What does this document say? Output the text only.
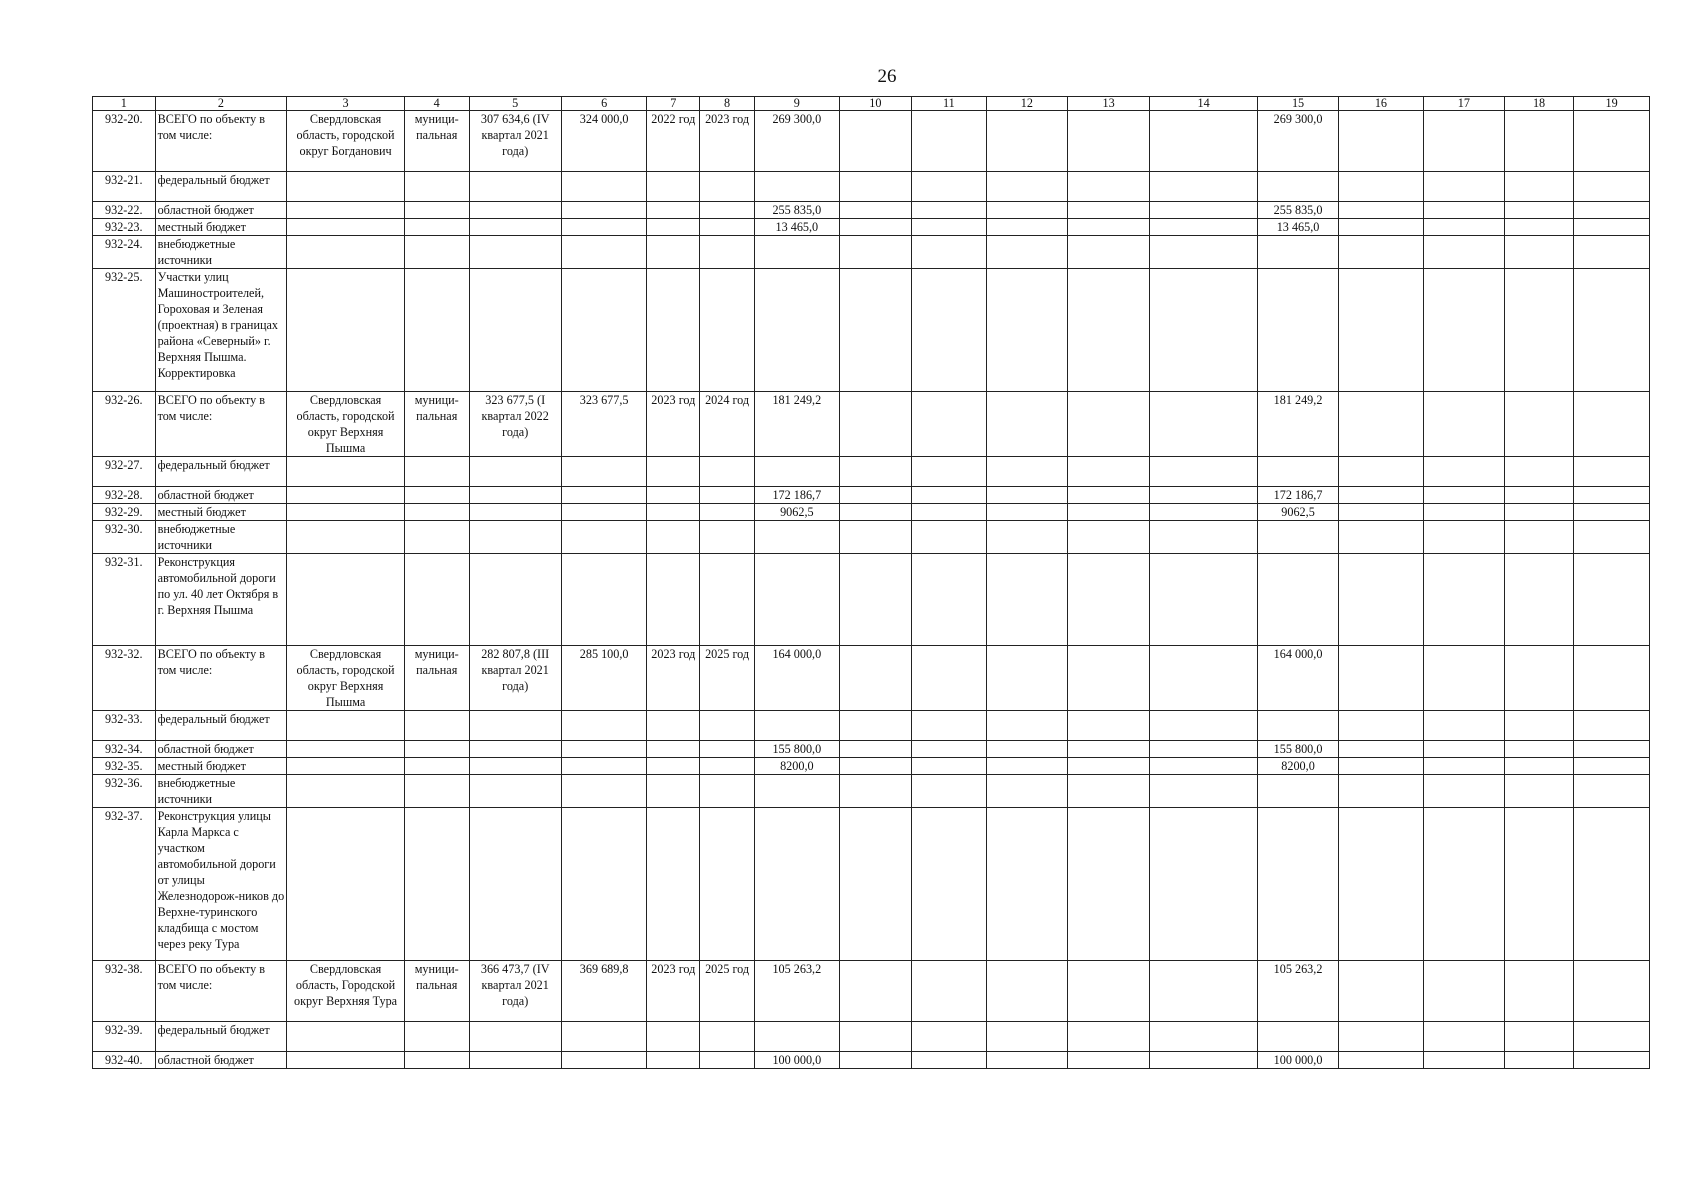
26
1	2	3	4	5	6	7	8	9	10	11	12	13	14	15	16	17	18	19
932-20.	ВСЕГО по объекту в том числе:	Свердловская область, городской округ Богданович	муници-пальная	307 634,6 (IV квартал 2021 года)	324 000,0	2022 год	2023 год	269 300,0						269 300,0				
932-21.	федеральный бюджет																	
932-22.	областной бюджет							255 835,0						255 835,0				
932-23.	местный бюджет							13 465,0						13 465,0				
932-24.	внебюджетные источники																	
932-25.	Участки улиц Машиностроителей, Гороховая и Зеленая (проектная) в границах района «Северный» г. Верхняя Пышма. Корректировка																	
932-26.	ВСЕГО по объекту в том числе:	Свердловская область, городской округ Верхняя Пышма	муници-пальная	323 677,5 (I квартал 2022 года)	323 677,5	2023 год	2024 год	181 249,2						181 249,2				
932-27.	федеральный бюджет																	
932-28.	областной бюджет							172 186,7						172 186,7				
932-29.	местный бюджет							9062,5						9062,5				
932-30.	внебюджетные источники																	
932-31.	Реконструкция автомобильной дороги по ул. 40 лет Октября в г. Верхняя Пышма																	
932-32.	ВСЕГО по объекту в том числе:	Свердловская область, городской округ Верхняя Пышма	муници-пальная	282 807,8 (III квартал 2021 года)	285 100,0	2023 год	2025 год	164 000,0						164 000,0				
932-33.	федеральный бюджет																	
932-34.	областной бюджет							155 800,0						155 800,0				
932-35.	местный бюджет							8200,0						8200,0				
932-36.	внебюджетные источники																	
932-37.	Реконструкция улицы Карла Маркса с участком автомобильной дороги от улицы Железнодорож-ников до Верхне-туринского кладбища с мостом через реку Тура																	
932-38.	ВСЕГО по объекту в том числе:	Свердловская область, Городской округ Верхняя Тура	муници-пальная	366 473,7 (IV квартал 2021 года)	369 689,8	2023 год	2025 год	105 263,2						105 263,2				
932-39.	федеральный бюджет																	
932-40.	областной бюджет							100 000,0						100 000,0				
